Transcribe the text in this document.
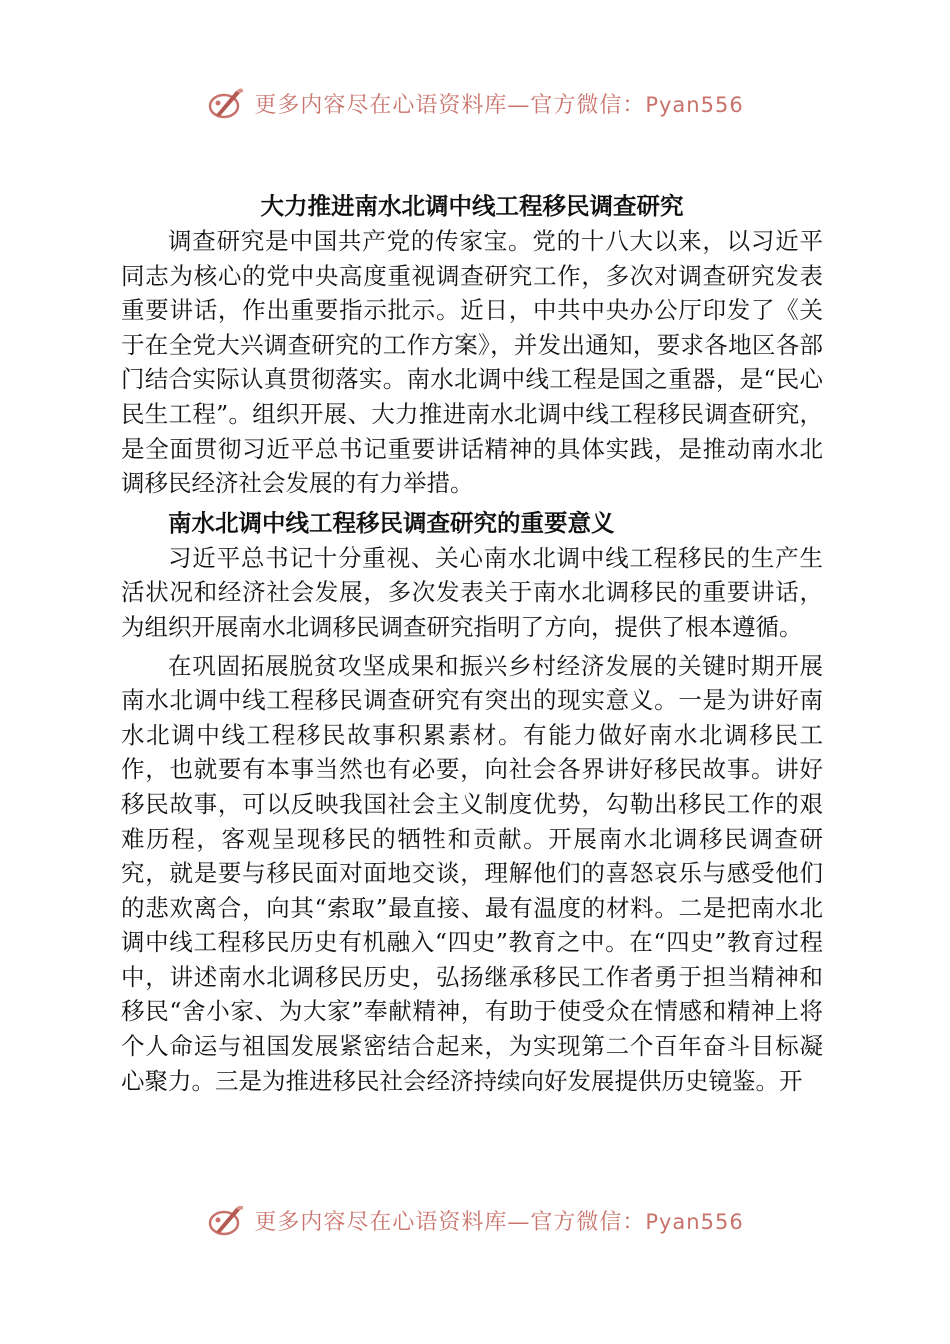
更多内容尽在心语资料库—官方微信：Pyan556
大力推进南水北调中线工程移民调查研究

调查研究是中国共产党的传家宝。党的十八大以来，以习近平同志为核心的党中央高度重视调查研究工作，多次对调查研究发表重要讲话，作出重要指示批示。近日，中共中央办公厅印发了《关于在全党大兴调查研究的工作方案》，并发出通知，要求各地区各部门结合实际认真贯彻落实。南水北调中线工程是国之重器，是“民心民生工程”。组织开展、大力推进南水北调中线工程移民调查研究，是全面贯彻习近平总书记重要讲话精神的具体实践，是推动南水北调移民经济社会发展的有力举措。

南水北调中线工程移民调查研究的重要意义

习近平总书记十分重视、关心南水北调中线工程移民的生产生活状况和经济社会发展，多次发表关于南水北调移民的重要讲话，为组织开展南水北调移民调查研究指明了方向，提供了根本遵循。

在巩固拓展脱贫攻坚成果和振兴乡村经济发展的关键时期开展南水北调中线工程移民调查研究有突出的现实意义。一是为讲好南水北调中线工程移民故事积累素材。有能力做好南水北调移民工作，也就要有本事当然也有必要，向社会各界讲好移民故事。讲好移民故事，可以反映我国社会主义制度优势，勾勒出移民工作的艰难历程，客观呈现移民的牺牲和贡献。开展南水北调移民调查研究，就是要与移民面对面地交谈，理解他们的喜怒哀乐与感受他们的悲欢离合，向其“索取”最直接、最有温度的材料。二是把南水北调中线工程移民历史有机融入“四史”教育之中。在“四史”教育过程中，讲述南水北调移民历史，弘扬继承移民工作者勇于担当精神和移民“舍小家、为大家”奉献精神，有助于使受众在情感和精神上将个人命运与祖国发展紧密结合起来，为实现第二个百年奋斗目标凝心聚力。三是为推进移民社会经济持续向好发展提供历史镜鉴。开

更多内容尽在心语资料库—官方微信：Pyan556
